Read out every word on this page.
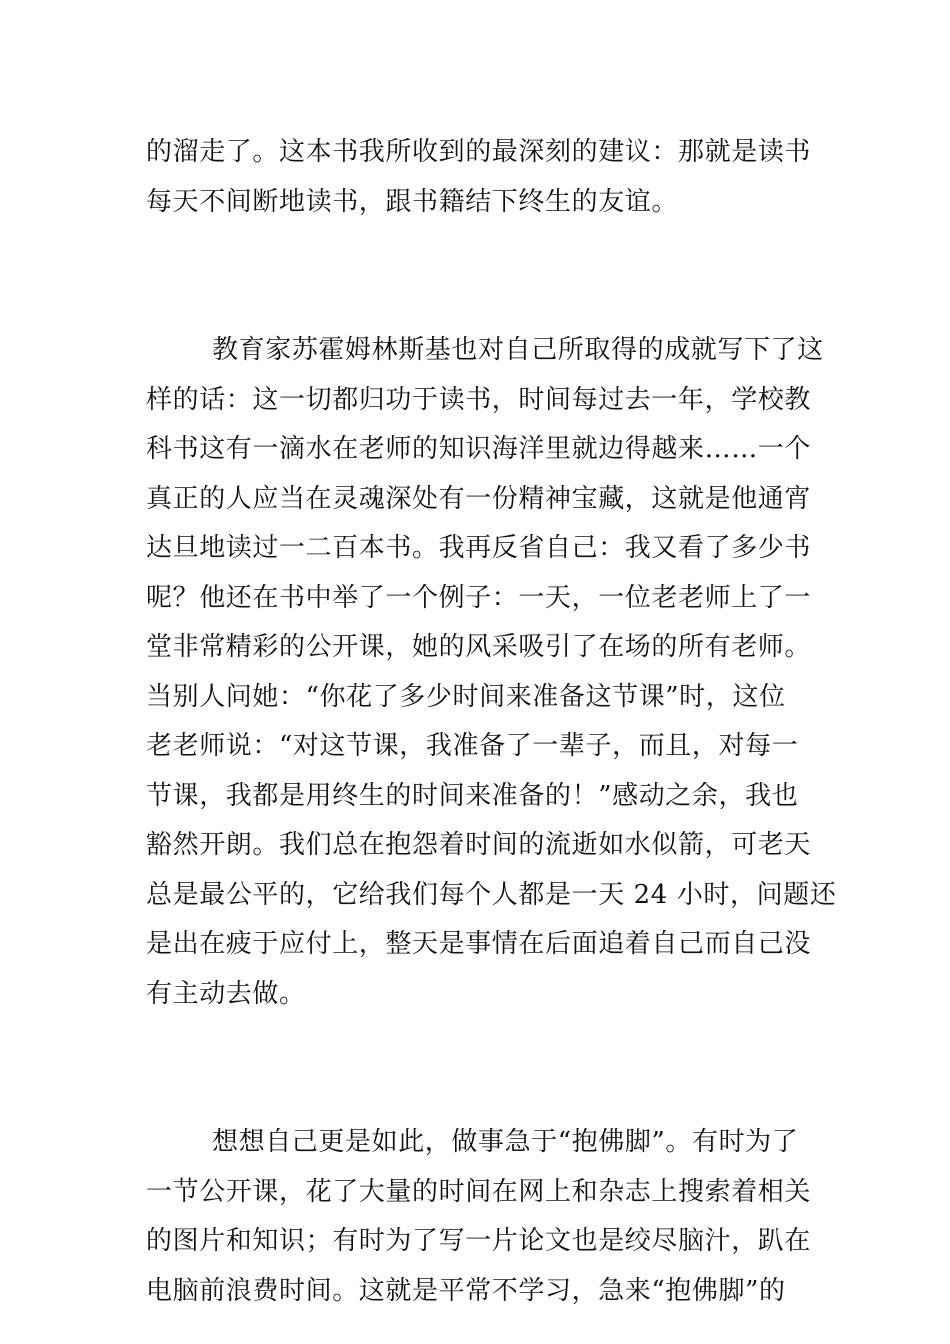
的溜走了。这本书我所收到的最深刻的建议：那就是读书
每天不间断地读书，跟书籍结下终生的友谊。
教育家苏霍姆林斯基也对自己所取得的成就写下了这
样的话：这一切都归功于读书，时间每过去一年，学校教
科书这有一滴水在老师的知识海洋里就边得越来……一个
真正的人应当在灵魂深处有一份精神宝藏，这就是他通宵
达旦地读过一二百本书。我再反省自己：我又看了多少书
呢？他还在书中举了一个例子：一天，一位老老师上了一
堂非常精彩的公开课，她的风采吸引了在场的所有老师。
当别人问她：“你花了多少时间来准备这节课”时，这位
老老师说：“对这节课，我准备了一辈子，而且，对每一
节课，我都是用终生的时间来准备的！”感动之余，我也
豁然开朗。我们总在抱怨着时间的流逝如水似箭，可老天
总是最公平的，它给我们每个人都是一天 24 小时，问题还
是出在疲于应付上，整天是事情在后面追着自己而自己没
有主动去做。
想想自己更是如此，做事急于“抱佛脚”。有时为了
一节公开课，花了大量的时间在网上和杂志上搜索着相关
的图片和知识；有时为了写一片论文也是绞尽脑汁，趴在
电脑前浪费时间。这就是平常不学习，急来“抱佛脚”的
